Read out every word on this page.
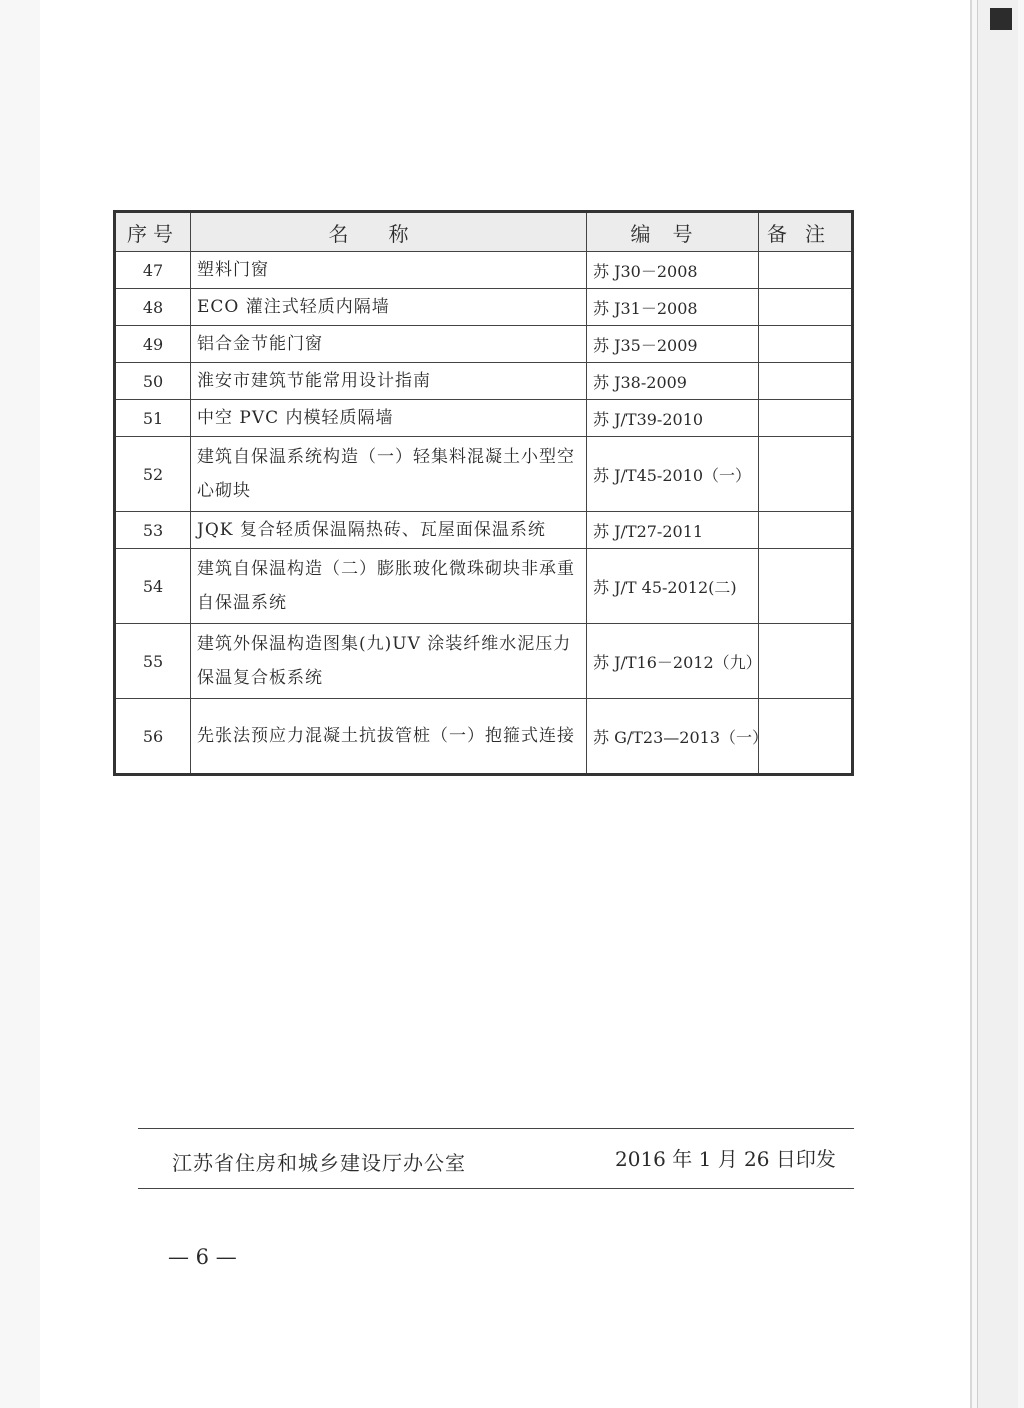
序号	名称	编号	备注
47	塑料门窗	苏 J30－2008	
48	ECO 灌注式轻质内隔墙	苏 J31－2008	
49	铝合金节能门窗	苏 J35－2009	
50	淮安市建筑节能常用设计指南	苏 J38-2009	
51	中空 PVC 内模轻质隔墙	苏 J/T39-2010	
52	建筑自保温系统构造（一）轻集料混凝土小型空心砌块	苏 J/T45-2010（一）	
53	JQK 复合轻质保温隔热砖、瓦屋面保温系统	苏 J/T27-2011	
54	建筑自保温构造（二）膨胀玻化微珠砌块非承重自保温系统	苏 J/T 45-2012(二)	
55	建筑外保温构造图集(九)UV 涂装纤维水泥压力保温复合板系统	苏 J/T16－2012（九）	
56	先张法预应力混凝土抗拔管桩（一）抱箍式连接	苏 G/T23—2013（一）	
江苏省住房和城乡建设厅办公室	2016 年 1 月 26 日印发
— 6 —
